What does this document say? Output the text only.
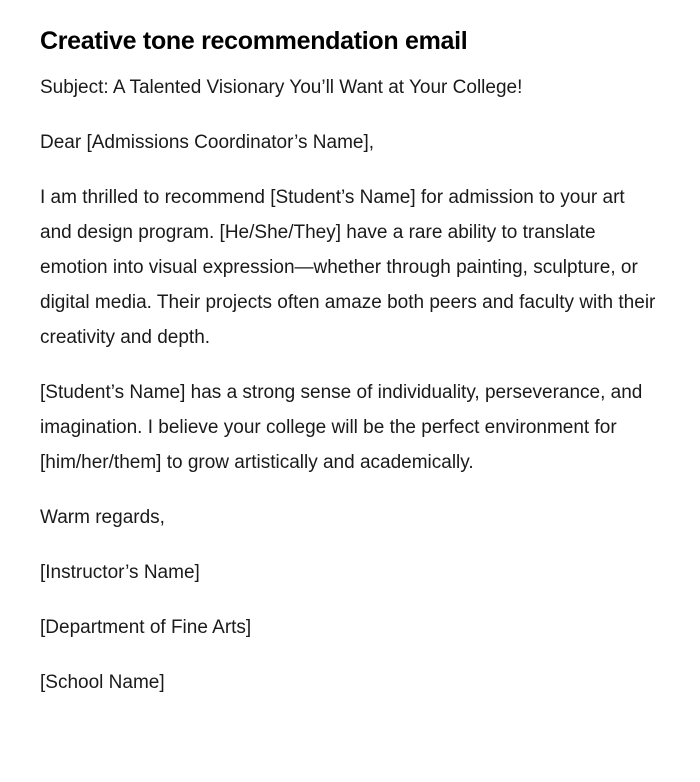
Creative tone recommendation email

Subject: A Talented Visionary You’ll Want at Your College!

Dear [Admissions Coordinator’s Name],

I am thrilled to recommend [Student’s Name] for admission to your art and design program. [He/She/They] have a rare ability to translate emotion into visual expression—whether through painting, sculpture, or digital media. Their projects often amaze both peers and faculty with their creativity and depth.

[Student’s Name] has a strong sense of individuality, perseverance, and imagination. I believe your college will be the perfect environment for [him/her/them] to grow artistically and academically.

Warm regards,

[Instructor’s Name]

[Department of Fine Arts]

[School Name]
